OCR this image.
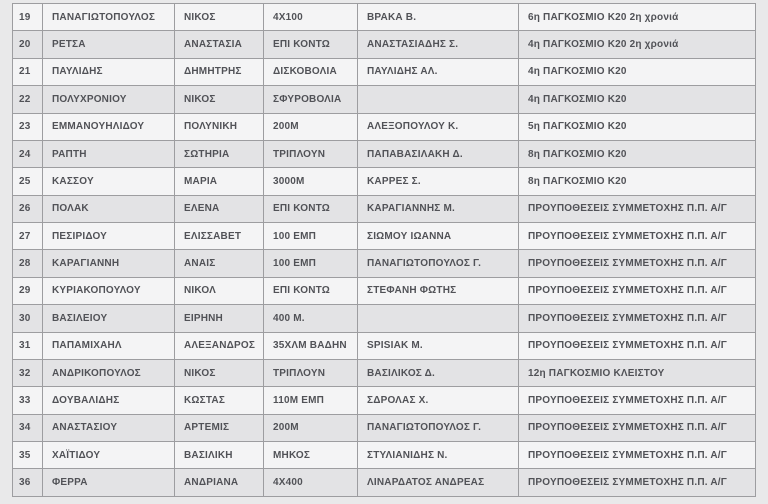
19	ΠΑΝΑΓΙΩΤΟΠΟΥΛΟΣ	ΝΙΚΟΣ	4X100	ΒΡΑΚΑ Β.	6η ΠΑΓΚΟΣΜΙΟ Κ20 2η χρονιά
20	ΡΕΤΣΑ	ΑΝΑΣΤΑΣΙΑ	ΕΠΙ ΚΟΝΤΩ	ΑΝΑΣΤΑΣΙΑΔΗΣ Σ.	4η ΠΑΓΚΟΣΜΙΟ Κ20 2η χρονιά
21	ΠΑΥΛΙΔΗΣ	ΔΗΜΗΤΡΗΣ	ΔΙΣΚΟΒΟΛΙΑ	ΠΑΥΛΙΔΗΣ ΑΛ.	4η ΠΑΓΚΟΣΜΙΟ Κ20
22	ΠΟΛΥΧΡΟΝΙΟΥ	ΝΙΚΟΣ	ΣΦΥΡΟΒΟΛΙΑ		4η ΠΑΓΚΟΣΜΙΟ Κ20
23	ΕΜΜΑΝΟΥΗΛΙΔΟΥ	ΠΟΛΥΝΙΚΗ	200M	ΑΛΕΞΟΠΟΥΛΟΥ Κ.	5η ΠΑΓΚΟΣΜΙΟ Κ20
24	ΡΑΠΤΗ	ΣΩΤΗΡΙΑ	ΤΡΙΠΛΟΥΝ	ΠΑΠΑΒΑΣΙΛΑΚΗ Δ.	8η ΠΑΓΚΟΣΜΙΟ Κ20
25	ΚΑΣΣΟΥ	ΜΑΡΙΑ	3000M	ΚΑΡΡΕΣ Σ.	8η ΠΑΓΚΟΣΜΙΟ Κ20
26	ΠΟΛΑΚ	ΕΛΕΝΑ	ΕΠΙ ΚΟΝΤΩ	ΚΑΡΑΓΙΑΝΝΗΣ Μ.	ΠΡΟΥΠΟΘΕΣΕΙΣ ΣΥΜΜΕΤΟΧΗΣ Π.Π. Α/Γ
27	ΠΕΣΙΡΙΔΟΥ	ΕΛΙΣΣΑΒΕΤ	100 ΕΜΠ	ΣΙΩΜΟΥ ΙΩΑΝΝΑ	ΠΡΟΥΠΟΘΕΣΕΙΣ ΣΥΜΜΕΤΟΧΗΣ Π.Π. Α/Γ
28	ΚΑΡΑΓΙΑΝΝΗ	ΑΝΑΙΣ	100 ΕΜΠ	ΠΑΝΑΓΙΩΤΟΠΟΥΛΟΣ Γ.	ΠΡΟΥΠΟΘΕΣΕΙΣ ΣΥΜΜΕΤΟΧΗΣ Π.Π. Α/Γ
29	ΚΥΡΙΑΚΟΠΟΥΛΟΥ	ΝΙΚΟΛ	ΕΠΙ ΚΟΝΤΩ	ΣΤΕΦΑΝΗ ΦΩΤΗΣ	ΠΡΟΥΠΟΘΕΣΕΙΣ ΣΥΜΜΕΤΟΧΗΣ Π.Π. Α/Γ
30	ΒΑΣΙΛΕΙΟΥ	ΕΙΡΗΝΗ	400 M.		ΠΡΟΥΠΟΘΕΣΕΙΣ ΣΥΜΜΕΤΟΧΗΣ Π.Π. Α/Γ
31	ΠΑΠΑΜΙΧΑΗΛ	ΑΛΕΞΑΝΔΡΟΣ	35ΧΛΜ ΒΑΔΗΝ	SPISIAK M.	ΠΡΟΥΠΟΘΕΣΕΙΣ ΣΥΜΜΕΤΟΧΗΣ Π.Π. Α/Γ
32	ΑΝΔΡΙΚΟΠΟΥΛΟΣ	ΝΙΚΟΣ	ΤΡΙΠΛΟΥΝ	ΒΑΣΙΛΙΚΟΣ Δ.	12η ΠΑΓΚΟΣΜΙΟ ΚΛΕΙΣΤΟΥ
33	ΔΟΥΒΑΛΙΔΗΣ	ΚΩΣΤΑΣ	110M ΕΜΠ	ΣΔΡΟΛΑΣ Χ.	ΠΡΟΥΠΟΘΕΣΕΙΣ ΣΥΜΜΕΤΟΧΗΣ Π.Π. Α/Γ
34	ΑΝΑΣΤΑΣΙΟΥ	ΑΡΤΕΜΙΣ	200M	ΠΑΝΑΓΙΩΤΟΠΟΥΛΟΣ Γ.	ΠΡΟΥΠΟΘΕΣΕΙΣ ΣΥΜΜΕΤΟΧΗΣ Π.Π. Α/Γ
35	ΧΑΪΤΙΔΟΥ	ΒΑΣΙΛΙΚΗ	ΜΗΚΟΣ	ΣΤΥΛΙΑΝΙΔΗΣ Ν.	ΠΡΟΥΠΟΘΕΣΕΙΣ ΣΥΜΜΕΤΟΧΗΣ Π.Π. Α/Γ
36	ΦΕΡΡΑ	ΑΝΔΡΙΑΝΑ	4X400	ΛΙΝΑΡΔΑΤΟΣ ΑΝΔΡΕΑΣ	ΠΡΟΥΠΟΘΕΣΕΙΣ ΣΥΜΜΕΤΟΧΗΣ Π.Π. Α/Γ
